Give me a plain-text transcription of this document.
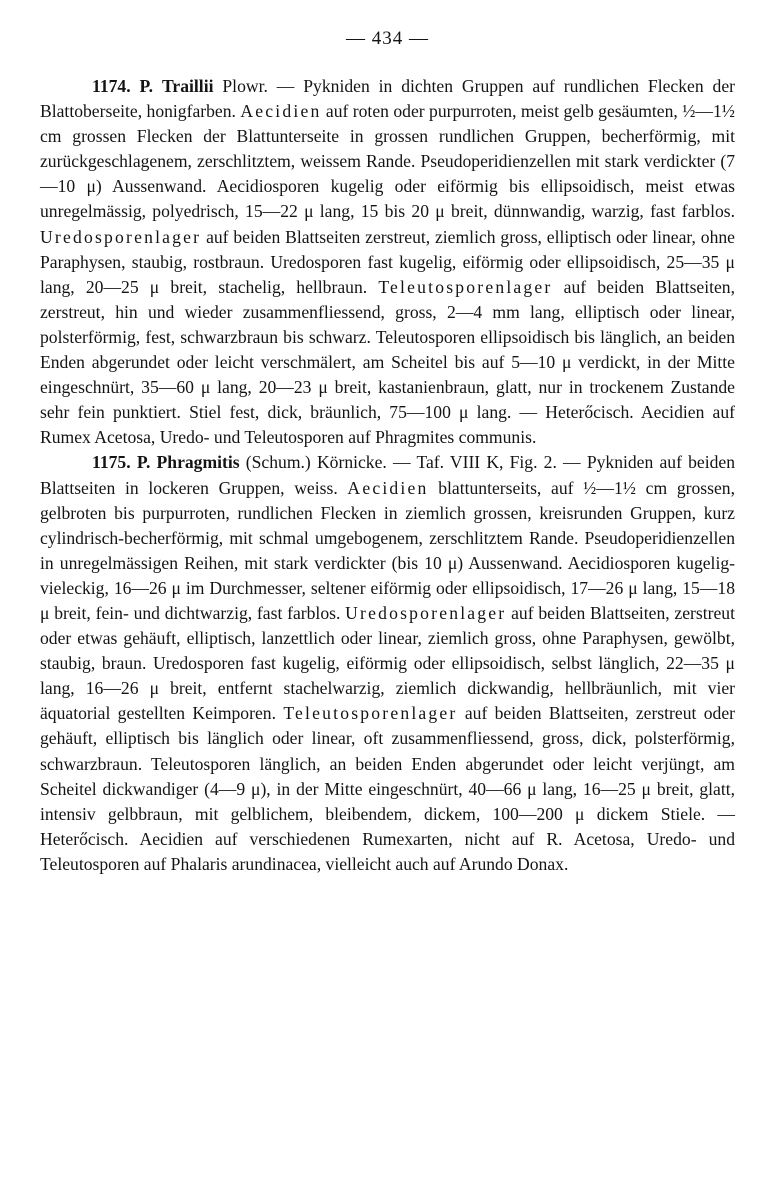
— 434 —

1174. P. Traillii Plowr. — Pykniden in dichten Gruppen auf rundlichen Flecken der Blattoberseite, honigfarben. Aecidien auf roten oder purpurroten, meist gelb gesäumten, ½—1½ cm grossen Flecken der Blattunterseite in grossen rundlichen Gruppen, becherförmig, mit zurückgeschlagenem, zerschlitztem, weissem Rande. Pseudoperidienzellen mit stark verdickter (7—10 μ) Aussenwand. Aecidiosporen kugelig oder eiförmig bis ellipsoidisch, meist etwas unregelmässig, polyedrisch, 15—22 μ lang, 15 bis 20 μ breit, dünnwandig, warzig, fast farblos. Uredosporenlager auf beiden Blattseiten zerstreut, ziemlich gross, elliptisch oder linear, ohne Paraphysen, staubig, rostbraun. Uredosporen fast kugelig, eiförmig oder ellipsoidisch, 25—35 μ lang, 20—25 μ breit, stachelig, hellbraun. Teleutosporenlager auf beiden Blattseiten, zerstreut, hin und wieder zusammenfliessend, gross, 2—4 mm lang, elliptisch oder linear, polsterförmig, fest, schwarzbraun bis schwarz. Teleutosporen ellipsoidisch bis länglich, an beiden Enden abgerundet oder leicht verschmälert, am Scheitel bis auf 5—10 μ verdickt, in der Mitte eingeschnürt, 35—60 μ lang, 20—23 μ breit, kastanienbraun, glatt, nur in trockenem Zustande sehr fein punktiert. Stiel fest, dick, bräunlich, 75—100 μ lang. — Heterőcisch. Aecidien auf Rumex Acetosa, Uredo- und Teleutosporen auf Phragmites communis.

1175. P. Phragmitis (Schum.) Körnicke. — Taf. VIII K, Fig. 2. — Pykniden auf beiden Blattseiten in lockeren Gruppen, weiss. Aecidien blattunterseits, auf ½—1½ cm grossen, gelbroten bis purpurroten, rundlichen Flecken in ziemlich grossen, kreisrunden Gruppen, kurz cylindrisch-becherförmig, mit schmal umgebogenem, zerschlitztem Rande. Pseudoperidienzellen in unregelmässigen Reihen, mit stark verdickter (bis 10 μ) Aussenwand. Aecidiosporen kugelig-vieleckig, 16—26 μ im Durchmesser, seltener eiförmig oder ellipsoidisch, 17—26 μ lang, 15—18 μ breit, fein- und dichtwarzig, fast farblos. Uredosporenlager auf beiden Blattseiten, zerstreut oder etwas gehäuft, elliptisch, lanzettlich oder linear, ziemlich gross, ohne Paraphysen, gewölbt, staubig, braun. Uredosporen fast kugelig, eiförmig oder ellipsoidisch, selbst länglich, 22—35 μ lang, 16—26 μ breit, entfernt stachelwarzig, ziemlich dickwandig, hellbräunlich, mit vier äquatorial gestellten Keimporen. Teleutosporenlager auf beiden Blattseiten, zerstreut oder gehäuft, elliptisch bis länglich oder linear, oft zusammenfliessend, gross, dick, polsterförmig, schwarzbraun. Teleutosporen länglich, an beiden Enden abgerundet oder leicht verjüngt, am Scheitel dickwandiger (4—9 μ), in der Mitte eingeschnürt, 40—66 μ lang, 16—25 μ breit, glatt, intensiv gelbbraun, mit gelblichem, bleibendem, dickem, 100—200 μ dickem Stiele. — Heterőcisch. Aecidien auf verschiedenen Rumexarten, nicht auf R. Acetosa, Uredo- und Teleutosporen auf Phalaris arundinacea, vielleicht auch auf Arundo Donax.
